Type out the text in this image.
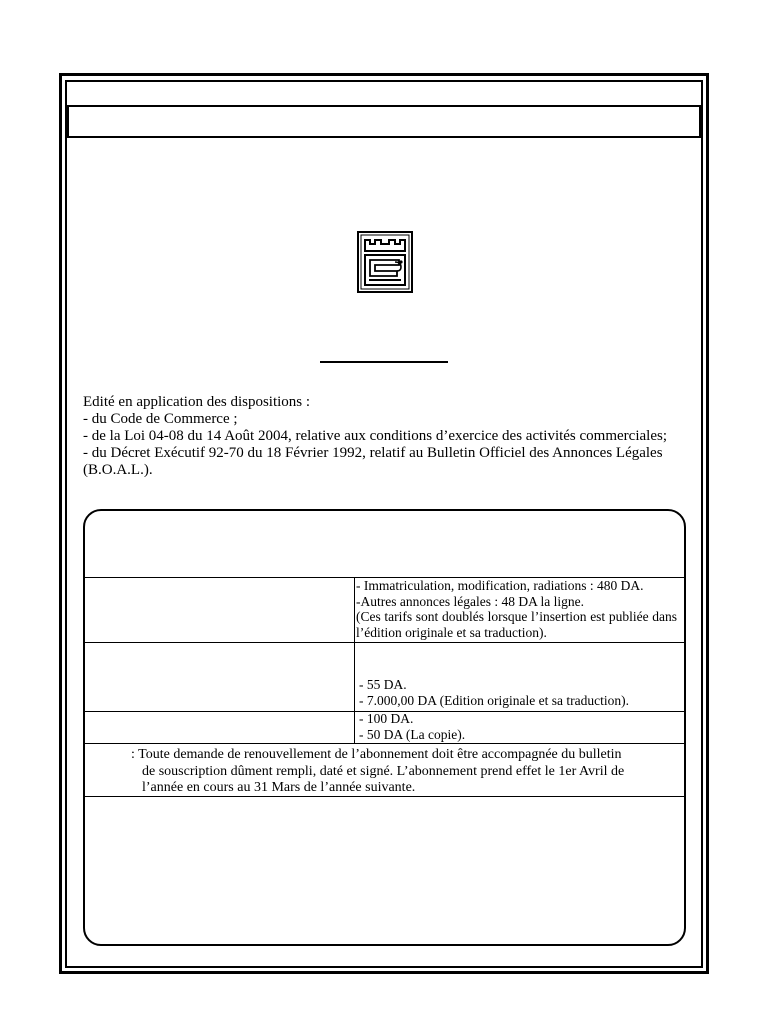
Edité en application des dispositions :
- du Code de Commerce ;
- de la Loi 04-08 du 14 Août 2004, relative aux conditions d’exercice des activités commerciales;
- du Décret Exécutif 92-70 du 18 Février 1992, relatif au Bulletin Officiel des Annonces Légales (B.O.A.L.).
- Immatriculation, modification, radiations : 480 DA.
-Autres annonces légales : 48 DA la ligne.
(Ces tarifs sont doublés lorsque l’insertion est publiée dans l’édition originale et sa traduction).
- 55 DA.
- 7.000,00 DA (Edition originale et sa traduction).
- 100 DA.
- 50 DA (La copie).
: Toute demande de renouvellement de l’abonnement doit être accompagnée du bulletin
de souscription dûment rempli, daté et signé. L’abonnement prend effet le 1er Avril de
l’année en cours au 31 Mars de l’année suivante.
